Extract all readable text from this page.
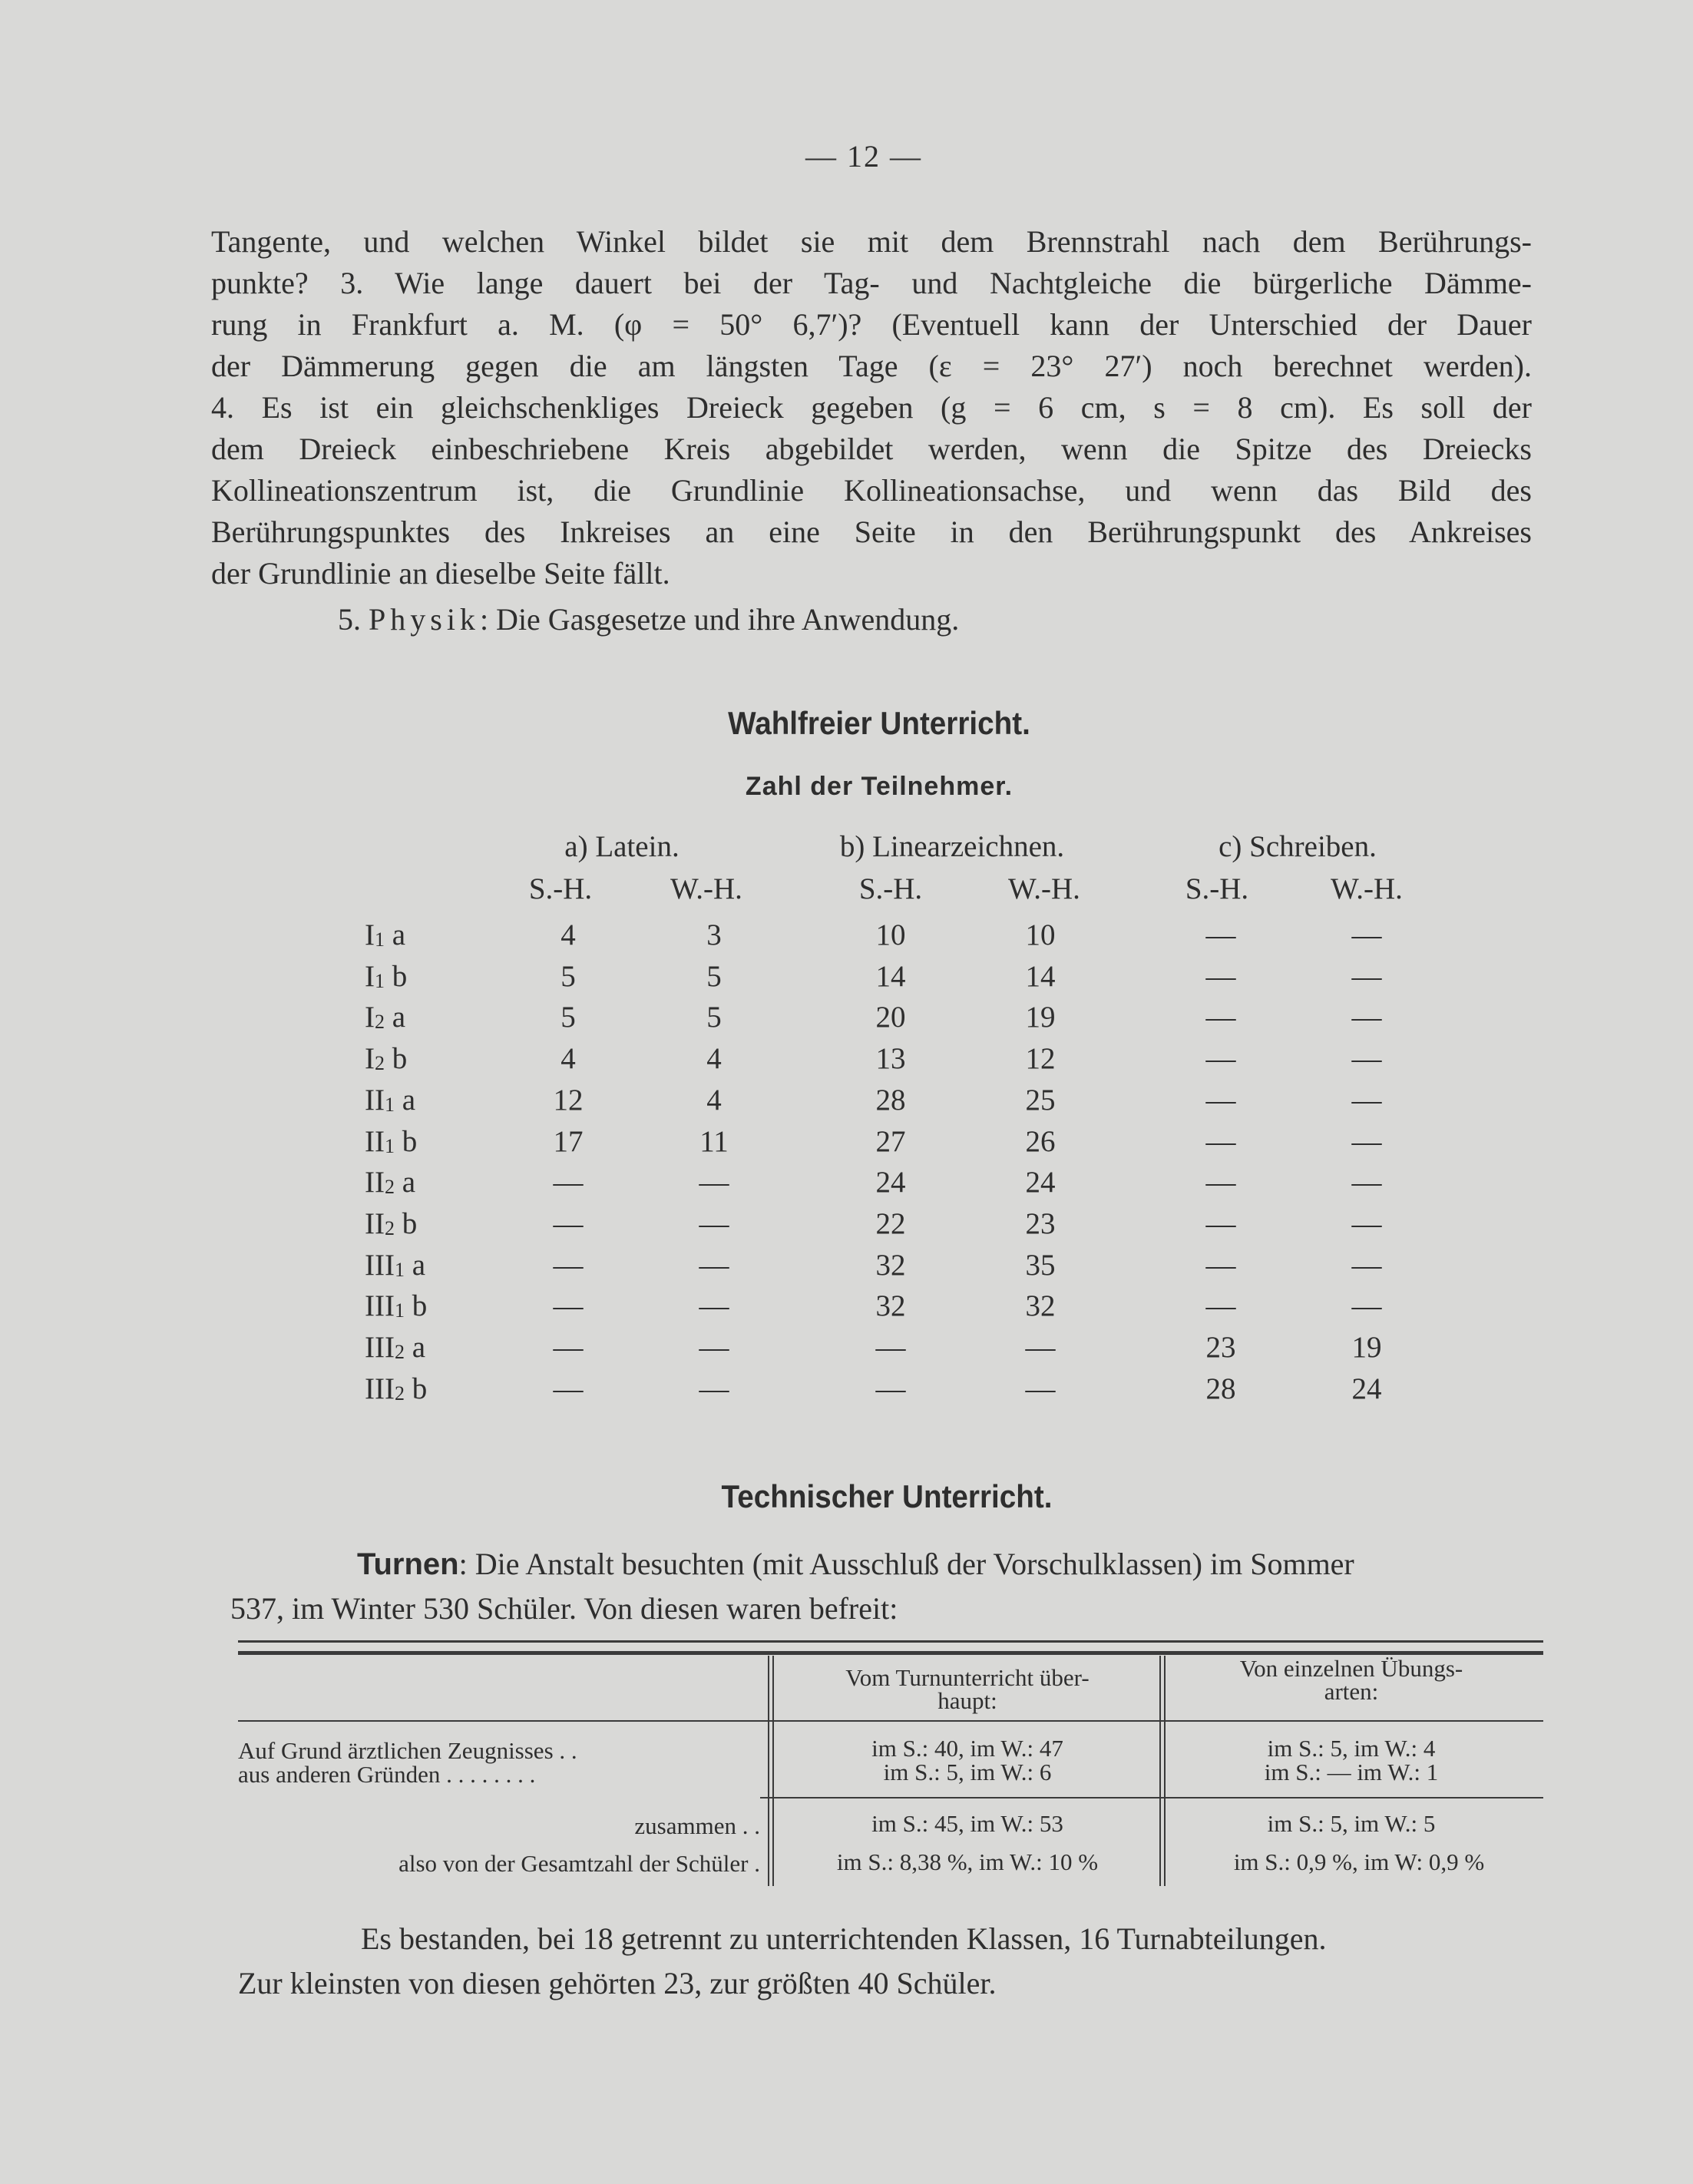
— 12 —
Tangente, und welchen Winkel bildet sie mit dem Brennstrahl nach dem Berührungs-
punkte? 3. Wie lange dauert bei der Tag- und Nachtgleiche die bürgerliche Dämme-
rung in Frankfurt a. M. (φ = 50° 6,7′)? (Eventuell kann der Unterschied der Dauer
der Dämmerung gegen die am längsten Tage (ε = 23° 27′) noch berechnet werden).
4. Es ist ein gleichschenkliges Dreieck gegeben (g = 6 cm, s = 8 cm). Es soll der
dem Dreieck einbeschriebene Kreis abgebildet werden, wenn die Spitze des Dreiecks
Kollineationszentrum ist, die Grundlinie Kollineationsachse, und wenn das Bild des
Berührungspunktes des Inkreises an eine Seite in den Berührungspunkt des Ankreises
der Grundlinie an dieselbe Seite fällt.
5. Physik: Die Gasgesetze und ihre Anwendung.
Wahlfreier Unterricht.
Zahl der Teilnehmer.
a) Latein.	b) Linearzeichnen.	c) Schreiben.
S.-H.	W.-H.	S.-H.	W.-H.	S.-H.	W.-H.
$I_1$ a	4	3	10	10	—	—
$I_1$ b	5	5	14	14	—	—
$I_2$ a	5	5	20	19	—	—
$I_2$ b	4	4	13	12	—	—
$II_1$ a	12	4	28	25	—	—
$II_1$ b	17	11	27	26	—	—
$II_2$ a	—	—	24	24	—	—
$II_2$ b	—	—	22	23	—	—
$III_1$ a	—	—	32	35	—	—
$III_1$ b	—	—	32	32	—	—
$III_2$ a	—	—	—	—	23	19
$III_2$ b	—	—	—	—	28	24
Technischer Unterricht.
Turnen: Die Anstalt besuchten (mit Ausschluß der Vorschulklassen) im Sommer
537, im Winter 530 Schüler. Von diesen waren befreit:
Vom Turnunterricht über-
haupt:
Von einzelnen Übungs-
arten:
Auf Grund ärztlichen Zeugnisses . .	im S.: 40, im W.: 47	im S.: 5, im W.: 4
aus anderen Gründen . . . . . . . .	im S.: 5, im W.: 6	im S.: — im W.: 1
zusammen . .	im S.: 45, im W.: 53	im S.: 5, im W.: 5
also von der Gesamtzahl der Schüler .	im S.: 8,38 %, im W.: 10 %	im S.: 0,9 %, im W: 0,9 %
Es bestanden, bei 18 getrennt zu unterrichtenden Klassen, 16 Turnabteilungen.
Zur kleinsten von diesen gehörten 23, zur größten 40 Schüler.
